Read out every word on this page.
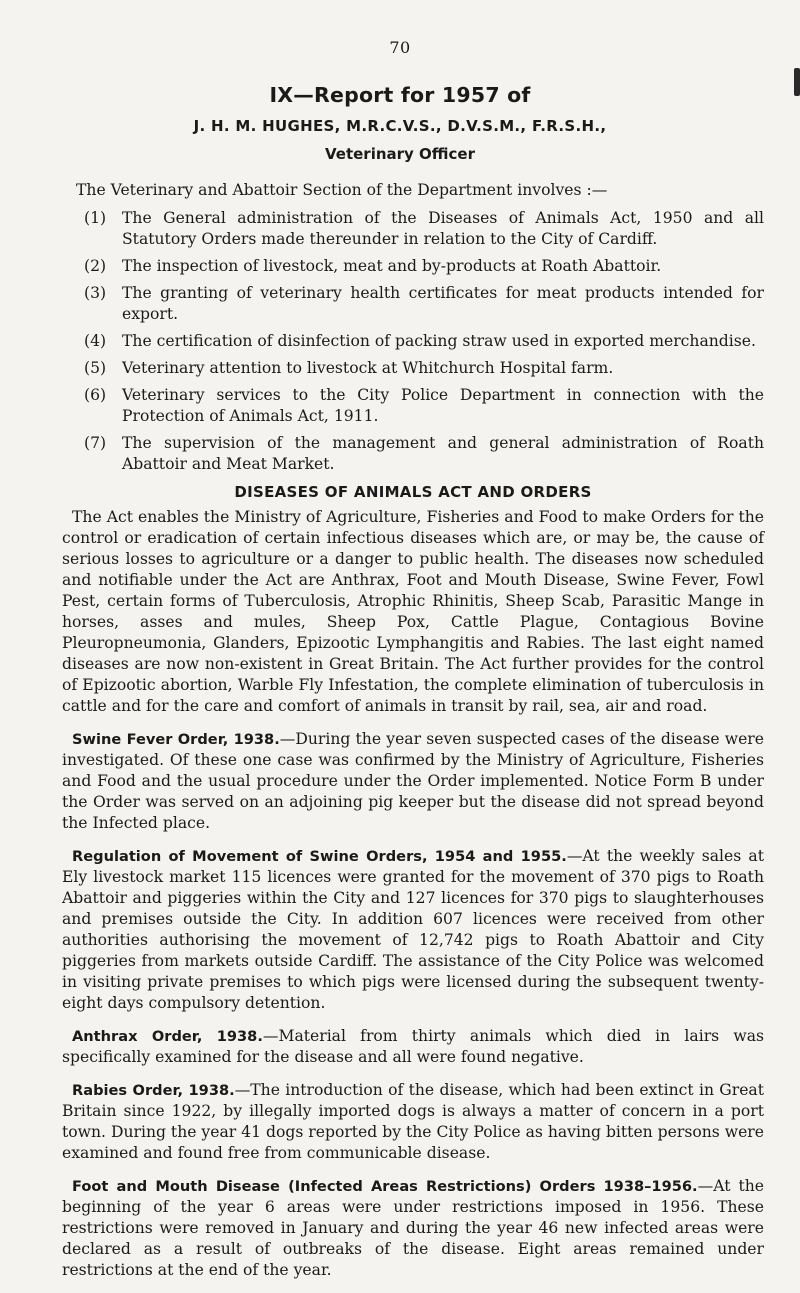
70
IX—Report for 1957 of
J. H. M. HUGHES, M.R.C.V.S., D.V.S.M., F.R.S.H.,
Veterinary Officer

The Veterinary and Abattoir Section of the Department involves :—

(1) The General administration of the Diseases of Animals Act, 1950 and all Statutory Orders made thereunder in relation to the City of Cardiff.
(2) The inspection of livestock, meat and by-products at Roath Abattoir.
(3) The granting of veterinary health certificates for meat products intended for export.
(4) The certification of disinfection of packing straw used in exported merchandise.
(5) Veterinary attention to livestock at Whitchurch Hospital farm.
(6) Veterinary services to the City Police Department in connection with the Protection of Animals Act, 1911.
(7) The supervision of the management and general administration of Roath Abattoir and Meat Market.
DISEASES OF ANIMALS ACT AND ORDERS

The Act enables the Ministry of Agriculture, Fisheries and Food to make Orders for the control or eradication of certain infectious diseases which are, or may be, the cause of serious losses to agriculture or a danger to public health. The diseases now scheduled and notifiable under the Act are Anthrax, Foot and Mouth Disease, Swine Fever, Fowl Pest, certain forms of Tuberculosis, Atrophic Rhinitis, Sheep Scab, Parasitic Mange in horses, asses and mules, Sheep Pox, Cattle Plague, Contagious Bovine Pleuropneumonia, Glanders, Epizootic Lymphangitis and Rabies. The last eight named diseases are now non-existent in Great Britain. The Act further provides for the control of Epizootic abortion, Warble Fly Infestation, the complete elimination of tuberculosis in cattle and for the care and comfort of animals in transit by rail, sea, air and road.

Swine Fever Order, 1938.—During the year seven suspected cases of the disease were investigated. Of these one case was confirmed by the Ministry of Agriculture, Fisheries and Food and the usual procedure under the Order implemented. Notice Form B under the Order was served on an adjoining pig keeper but the disease did not spread beyond the Infected place.

Regulation of Movement of Swine Orders, 1954 and 1955.—At the weekly sales at Ely livestock market 115 licences were granted for the movement of 370 pigs to Roath Abattoir and piggeries within the City and 127 licences for 370 pigs to slaughterhouses and premises outside the City. In addition 607 licences were received from other authorities authorising the movement of 12,742 pigs to Roath Abattoir and City piggeries from markets outside Cardiff. The assistance of the City Police was welcomed in visiting private premises to which pigs were licensed during the subsequent twenty-eight days compulsory detention.

Anthrax Order, 1938.—Material from thirty animals which died in lairs was specifically examined for the disease and all were found negative.

Rabies Order, 1938.—The introduction of the disease, which had been extinct in Great Britain since 1922, by illegally imported dogs is always a matter of concern in a port town. During the year 41 dogs reported by the City Police as having bitten persons were examined and found free from communicable disease.

Foot and Mouth Disease (Infected Areas Restrictions) Orders 1938–1956.—At the beginning of the year 6 areas were under restrictions imposed in 1956. These restrictions were removed in January and during the year 46 new infected areas were declared as a result of outbreaks of the disease. Eight areas remained under restrictions at the end of the year.
